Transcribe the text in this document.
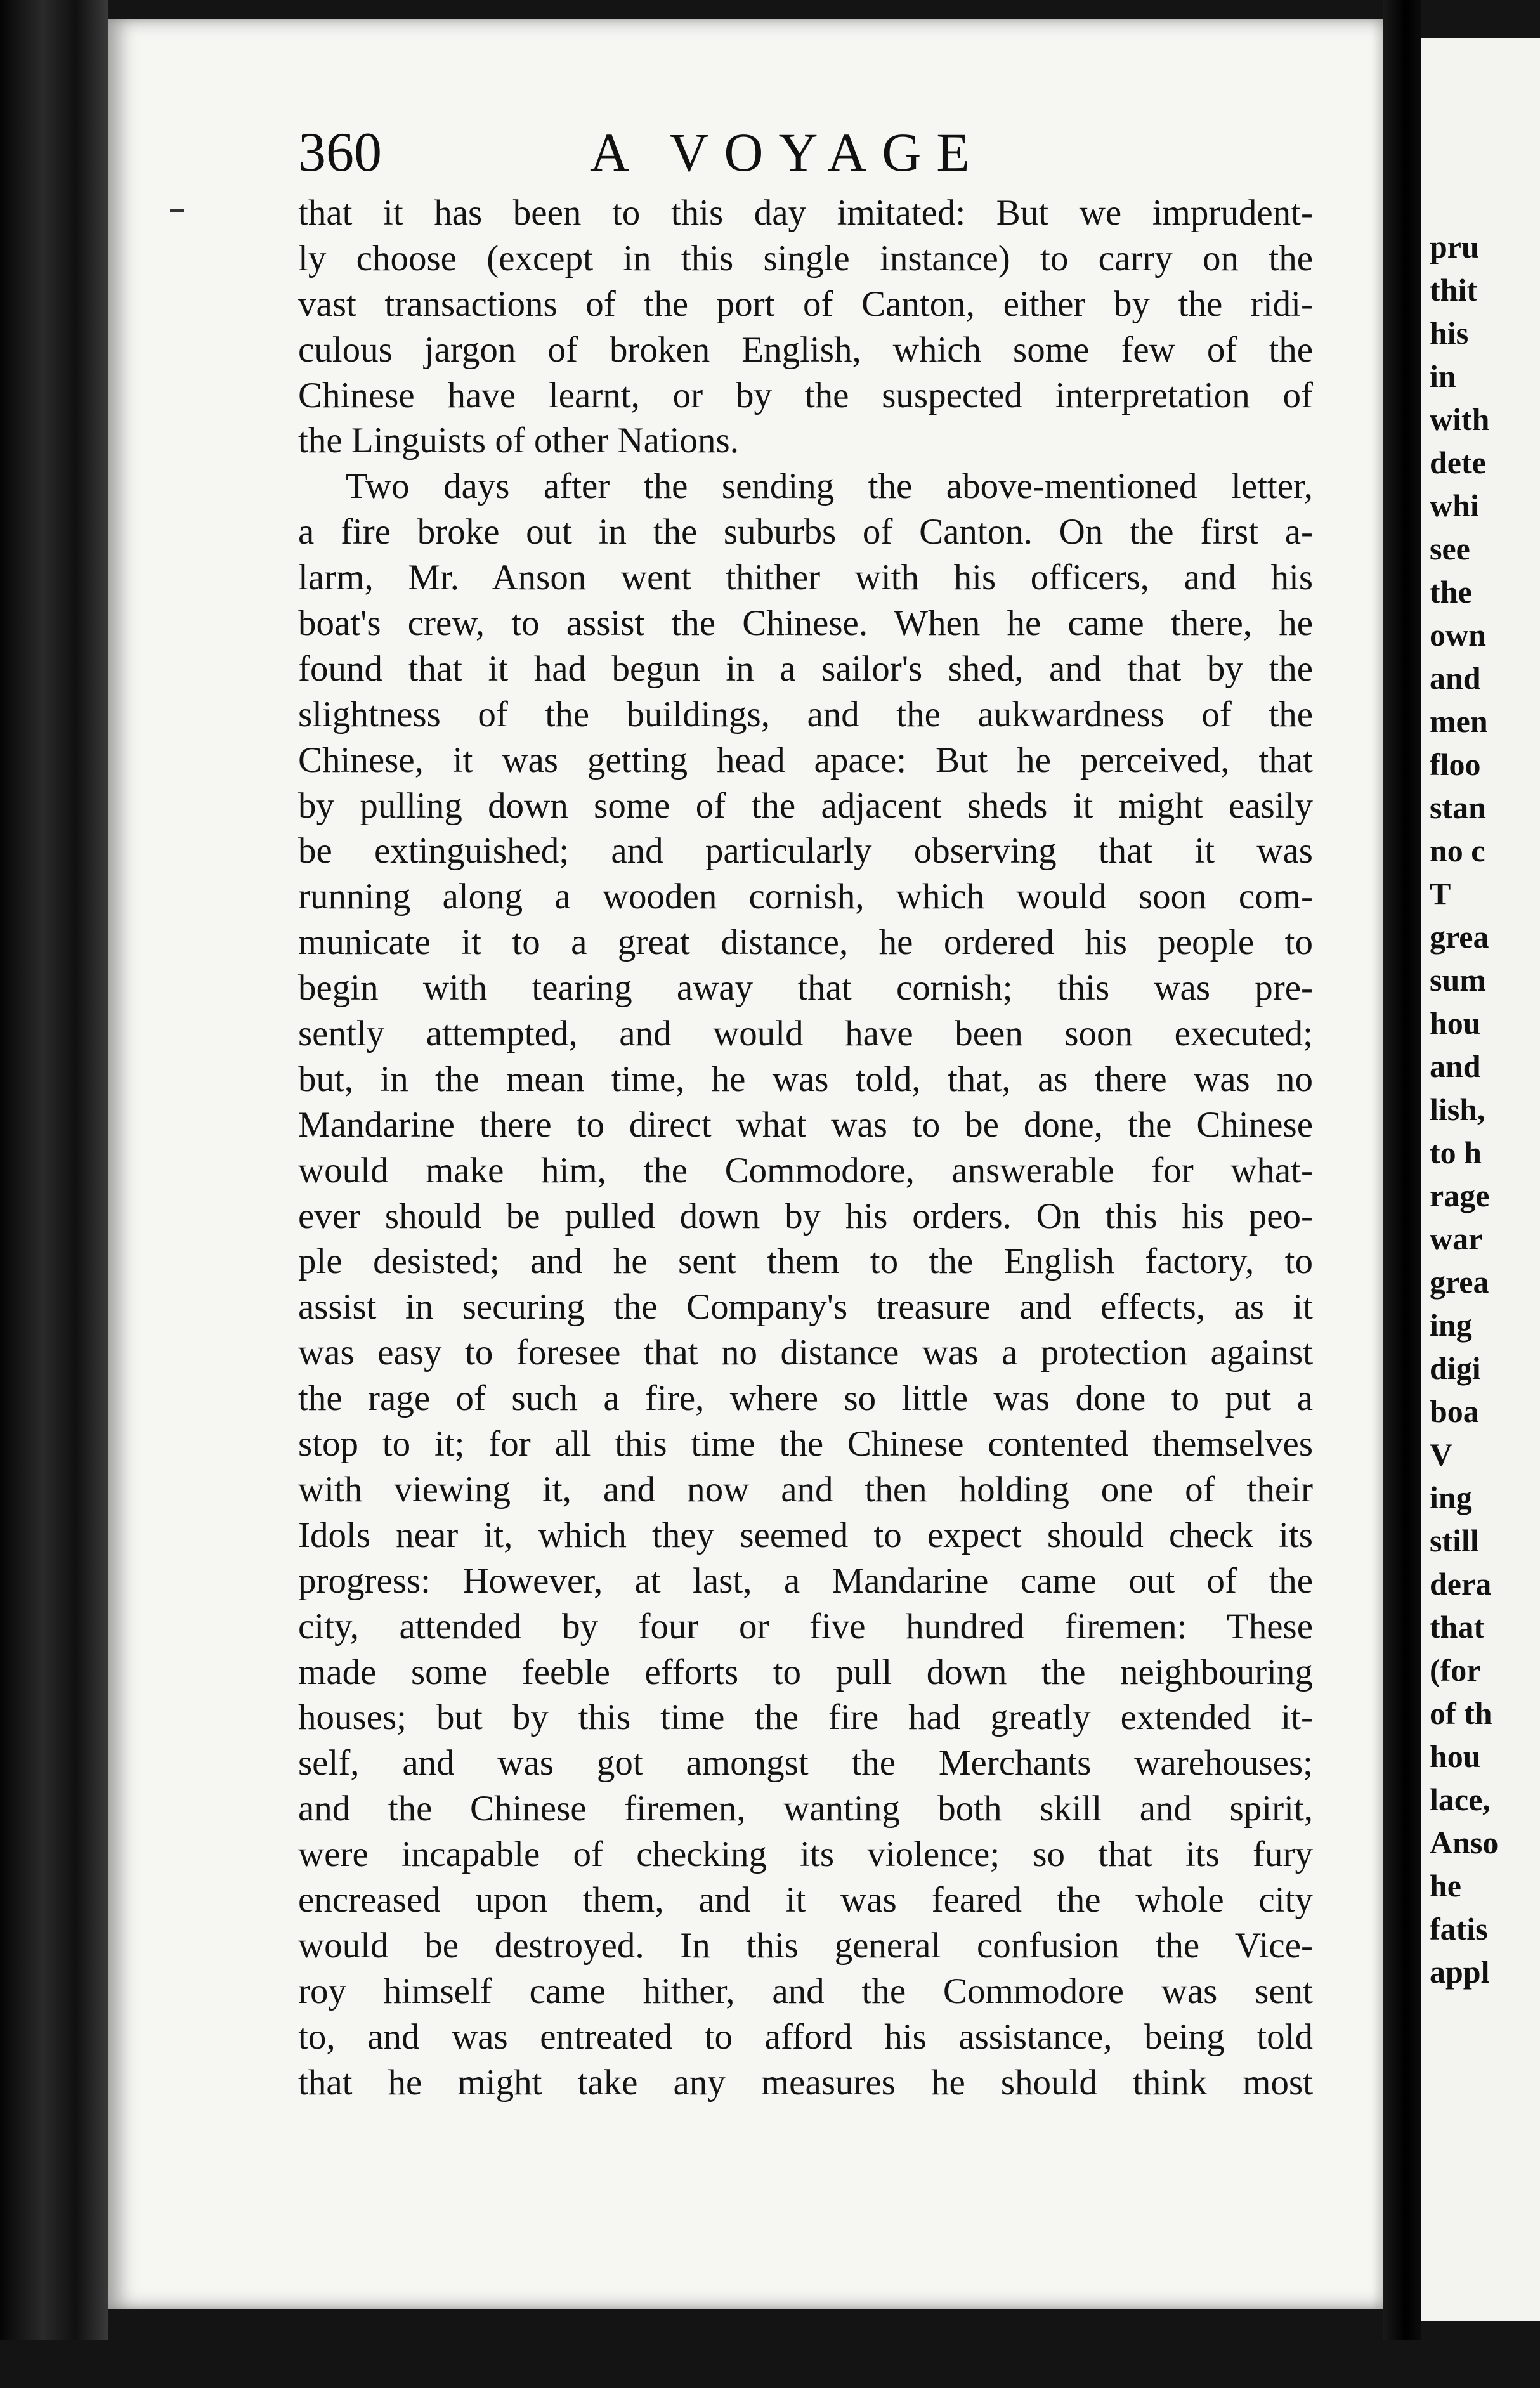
360	A VOYAGE
that it has been to this day imitated: But we imprudent-
ly choose (except in this single instance) to carry on the
vast transactions of the port of Canton, either by the ridi-
culous jargon of broken English, which some few of the
Chinese have learnt, or by the suspected interpretation of
the Linguists of other Nations.
Two days after the sending the above-mentioned letter,
a fire broke out in the suburbs of Canton. On the first a-
larm, Mr. Anson went thither with his officers, and his
boat's crew, to assist the Chinese. When he came there, he
found that it had begun in a sailor's shed, and that by the
slightness of the buildings, and the aukwardness of the
Chinese, it was getting head apace: But he perceived, that
by pulling down some of the adjacent sheds it might easily
be extinguished; and particularly observing that it was
running along a wooden cornish, which would soon com-
municate it to a great distance, he ordered his people to
begin with tearing away that cornish; this was pre-
sently attempted, and would have been soon executed;
but, in the mean time, he was told, that, as there was no
Mandarine there to direct what was to be done, the Chinese
would make him, the Commodore, answerable for what-
ever should be pulled down by his orders. On this his peo-
ple desisted; and he sent them to the English factory, to
assist in securing the Company's treasure and effects, as it
was easy to foresee that no distance was a protection against
the rage of such a fire, where so little was done to put a
stop to it; for all this time the Chinese contented themselves
with viewing it, and now and then holding one of their
Idols near it, which they seemed to expect should check its
progress: However, at last, a Mandarine came out of the
city, attended by four or five hundred firemen: These
made some feeble efforts to pull down the neighbouring
houses; but by this time the fire had greatly extended it-
self, and was got amongst the Merchants warehouses;
and the Chinese firemen, wanting both skill and spirit,
were incapable of checking its violence; so that its fury
encreased upon them, and it was feared the whole city
would be destroyed. In this general confusion the Vice-
roy himself came hither, and the Commodore was sent
to, and was entreated to afford his assistance, being told
that he might take any measures he should think most
prudent
pru
thit
his
in
with
dete
whi
see
the
own
and
men
floo
stan
no c
T
grea
sum
hou
and
lish,
to h
rage
war
grea
ing
digi
boa
V
ing
still
dera
that
(for
of th
hou
lace,
Anso
he
fatis
appl
